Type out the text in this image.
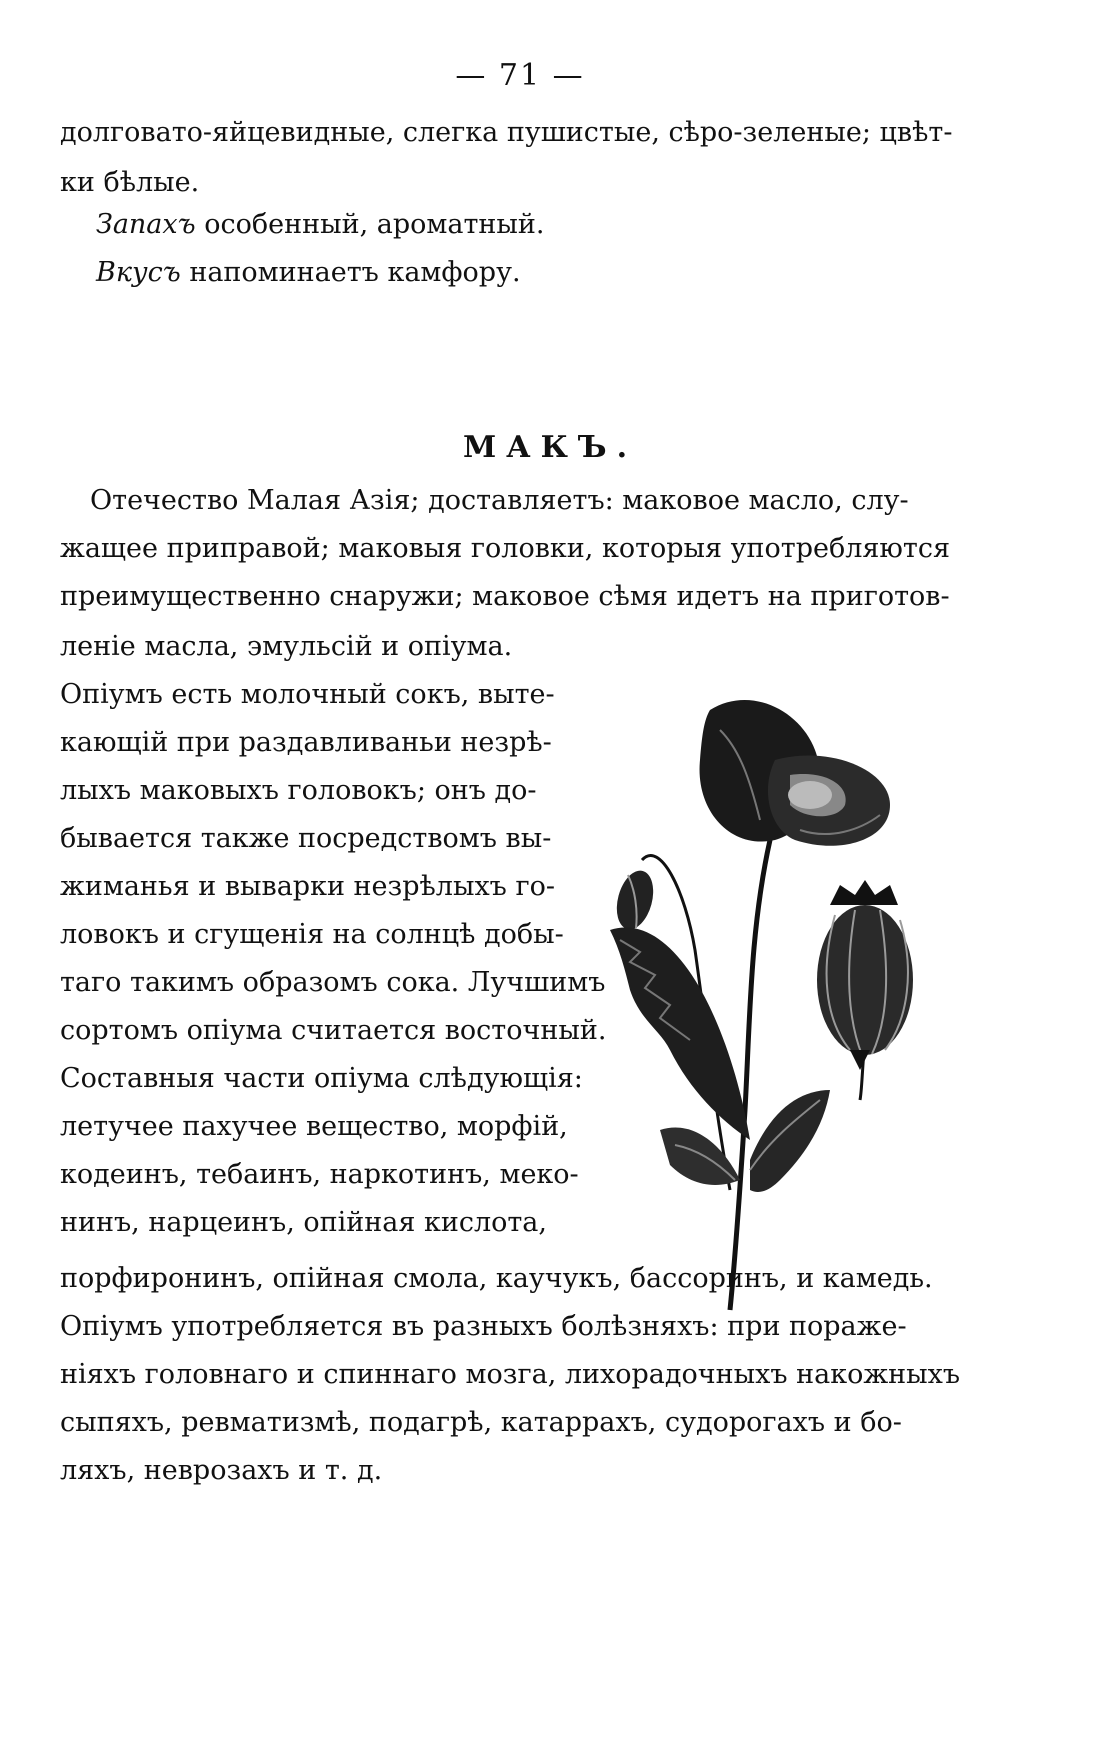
— 71 —

долговато-яйцевидные, слегка пушистые, сѣро-зеленые; цвѣт-

ки бѣлые.

Запахъ особенный, ароматный.

Вкусъ напоминаетъ камфору.

МАКЪ.

Отечество Малая Азія; доставляетъ: маковое масло, слу-

жащее приправой; маковыя головки, которыя употребляются

преимущественно снаружи; маковое сѣмя идетъ на приготов-

леніе масла, эмульсій и опіума.

Опіумъ есть молочный сокъ, выте-

кающій при раздавливаньи незрѣ-

лыхъ маковыхъ головокъ; онъ до-

бывается также посредствомъ вы-

жиманья и выварки незрѣлыхъ го-

ловокъ и сгущенія на солнцѣ добы-

таго такимъ образомъ сока. Лучшимъ

сортомъ опіума считается восточный.

Составныя части опіума слѣдующія:

летучее пахучее вещество, морфій,

кодеинъ, тебаинъ, наркотинъ, меко-

нинъ, нарцеинъ, опійная кислота,

порфиронинъ, опійная смола, каучукъ, бассоринъ, и камедь.

Опіумъ употребляется въ разныхъ болѣзняхъ: при пораже-

ніяхъ головнаго и спиннаго мозга, лихорадочныхъ накожныхъ

сыпяхъ, ревматизмѣ, подагрѣ, катаррахъ, судорогахъ и бо-

ляхъ, неврозахъ и т. д.
